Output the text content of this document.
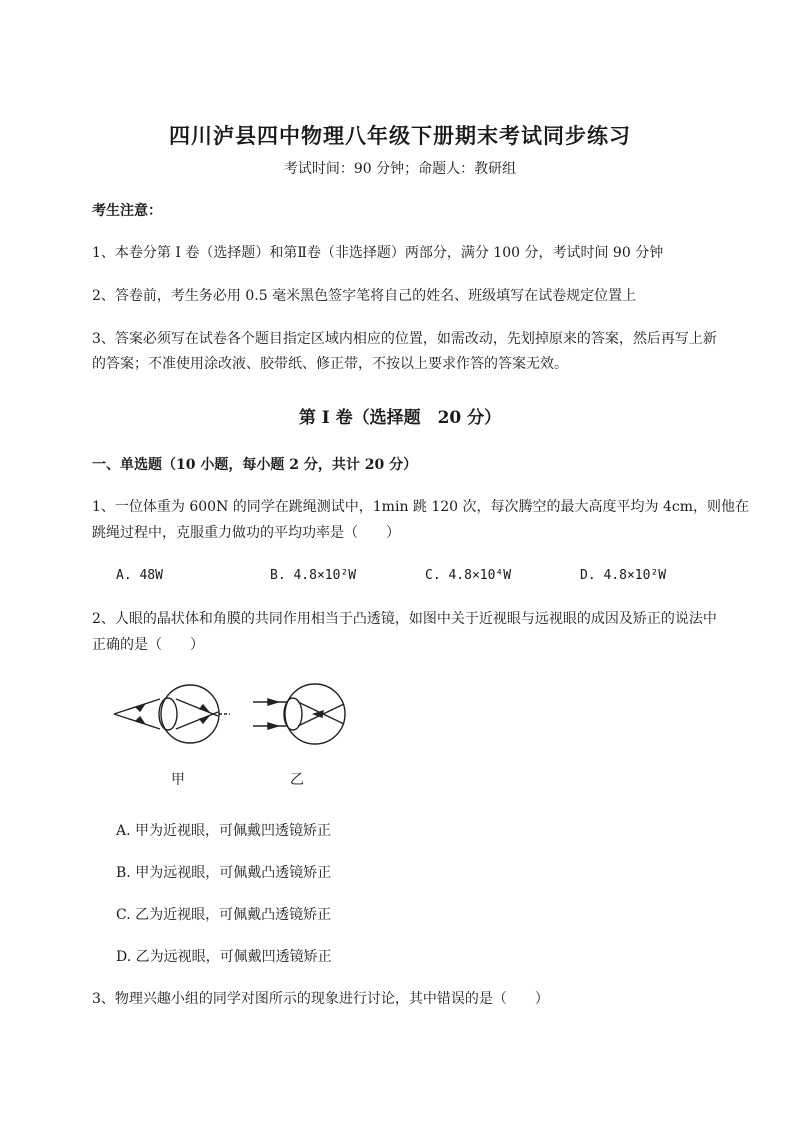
四川泸县四中物理八年级下册期末考试同步练习
考试时间：90 分钟；命题人：教研组
考生注意：
1、本卷分第 I 卷（选择题）和第Ⅱ卷（非选择题）两部分，满分 100 分，考试时间 90 分钟
2、答卷前，考生务必用 0.5 毫米黑色签字笔将自己的姓名、班级填写在试卷规定位置上
3、答案必须写在试卷各个题目指定区域内相应的位置，如需改动，先划掉原来的答案，然后再写上新
的答案；不准使用涂改液、胶带纸、修正带，不按以上要求作答的答案无效。
第 I 卷（选择题　20 分）
一、单选题（10 小题，每小题 2 分，共计 20 分）
1、一位体重为 600N 的同学在跳绳测试中，1min 跳 120 次，每次腾空的最大高度平均为 4cm，则他在
跳绳过程中，克服重力做功的平均功率是（　　）
A. 48W	B. 4.8×10²W	C. 4.8×10⁴W	D. 4.8×10²W
2、人眼的晶状体和角膜的共同作用相当于凸透镜，如图中关于近视眼与远视眼的成因及矫正的说法中
正确的是（　　）
甲	乙
A. 甲为近视眼，可佩戴凹透镜矫正
B. 甲为远视眼，可佩戴凸透镜矫正
C. 乙为近视眼，可佩戴凸透镜矫正
D. 乙为远视眼，可佩戴凹透镜矫正
3、物理兴趣小组的同学对图所示的现象进行讨论，其中错误的是（　　）
